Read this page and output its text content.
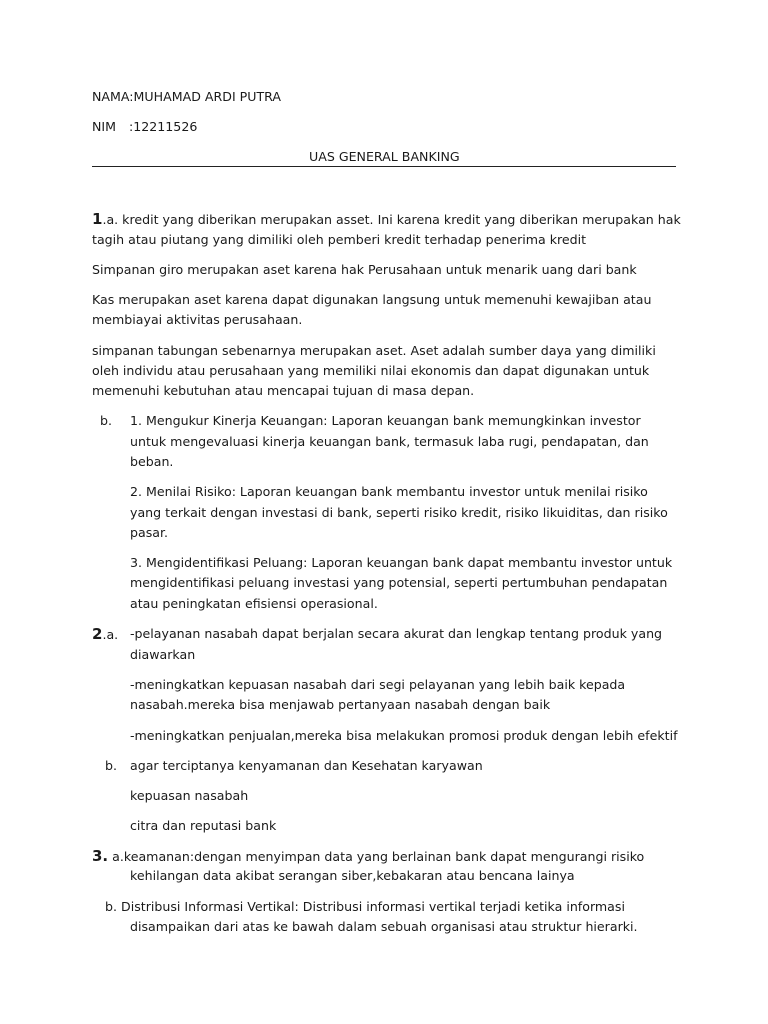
NAMA:MUHAMAD ARDI PUTRA
NIM :12211526
UAS GENERAL BANKING
1.a. kredit yang diberikan merupakan asset. Ini karena kredit yang diberikan merupakan hak
tagih atau piutang yang dimiliki oleh pemberi kredit terhadap penerima kredit
Simpanan giro merupakan aset karena hak Perusahaan untuk menarik uang dari bank
Kas merupakan aset karena dapat digunakan langsung untuk memenuhi kewajiban atau
membiayai aktivitas perusahaan.
simpanan tabungan sebenarnya merupakan aset. Aset adalah sumber daya yang dimiliki
oleh individu atau perusahaan yang memiliki nilai ekonomis dan dapat digunakan untuk
memenuhi kebutuhan atau mencapai tujuan di masa depan.
b. 1. Mengukur Kinerja Keuangan: Laporan keuangan bank memungkinkan investor
untuk mengevaluasi kinerja keuangan bank, termasuk laba rugi, pendapatan, dan
beban.
2. Menilai Risiko: Laporan keuangan bank membantu investor untuk menilai risiko
yang terkait dengan investasi di bank, seperti risiko kredit, risiko likuiditas, dan risiko
pasar.
3. Mengidentifikasi Peluang: Laporan keuangan bank dapat membantu investor untuk
mengidentifikasi peluang investasi yang potensial, seperti pertumbuhan pendapatan
atau peningkatan efisiensi operasional.
2.a. -pelayanan nasabah dapat berjalan secara akurat dan lengkap tentang produk yang
diawarkan
-meningkatkan kepuasan nasabah dari segi pelayanan yang lebih baik kepada
nasabah.mereka bisa menjawab pertanyaan nasabah dengan baik
-meningkatkan penjualan,mereka bisa melakukan promosi produk dengan lebih efektif
b. agar terciptanya kenyamanan dan Kesehatan karyawan
kepuasan nasabah
citra dan reputasi bank
3. a.keamanan:dengan menyimpan data yang berlainan bank dapat mengurangi risiko
kehilangan data akibat serangan siber,kebakaran atau bencana lainya
b. Distribusi Informasi Vertikal: Distribusi informasi vertikal terjadi ketika informasi
disampaikan dari atas ke bawah dalam sebuah organisasi atau struktur hierarki.
